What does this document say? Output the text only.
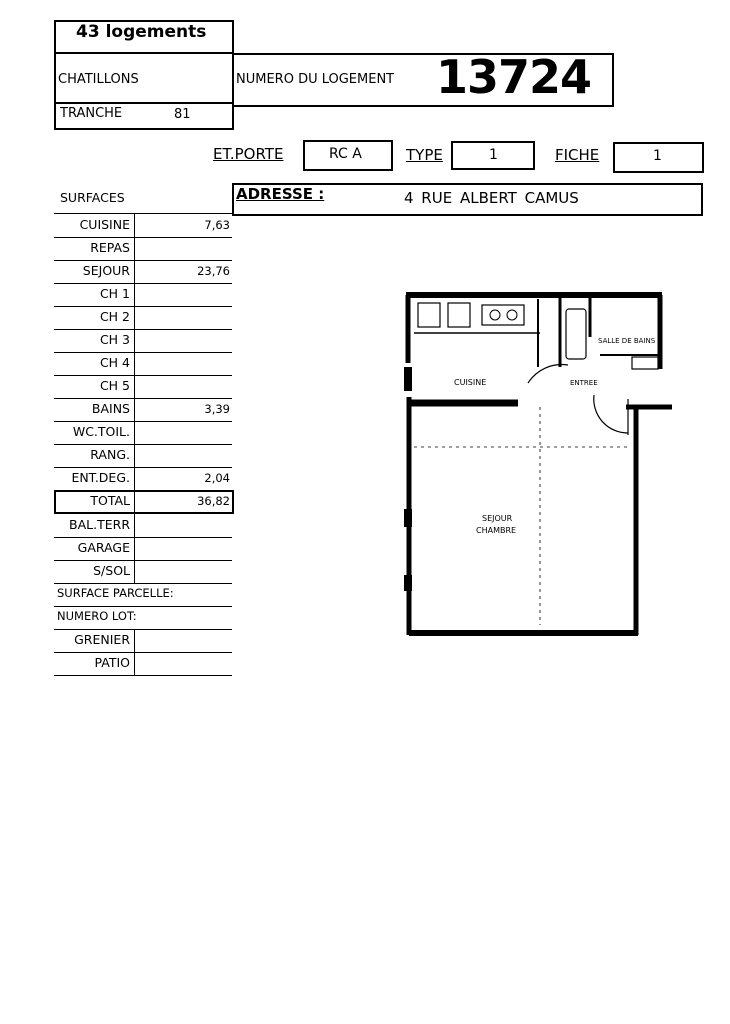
43 logements
CHATILLONS
TRANCHE	81
NUMERO DU LOGEMENT 13724
ET.PORTE	RC A	TYPE	1	FICHE	1
SURFACES	ADRESSE :	4 RUE ALBERT CAMUS
CUISINE	7,63
REPAS
SEJOUR	23,76
CH 1
CH 2
CH 3
CH 4
CH 5
BAINS	3,39
WC.TOIL.
RANG.
ENT.DEG.	2,04
TOTAL	36,82
BAL.TERR
GARAGE
S/SOL
SURFACE PARCELLE:
NUMERO LOT:
GRENIER
PATIO
CUISINE	ENTREE
SALLE DE BAINS
SEJOUR
CHAMBRE
